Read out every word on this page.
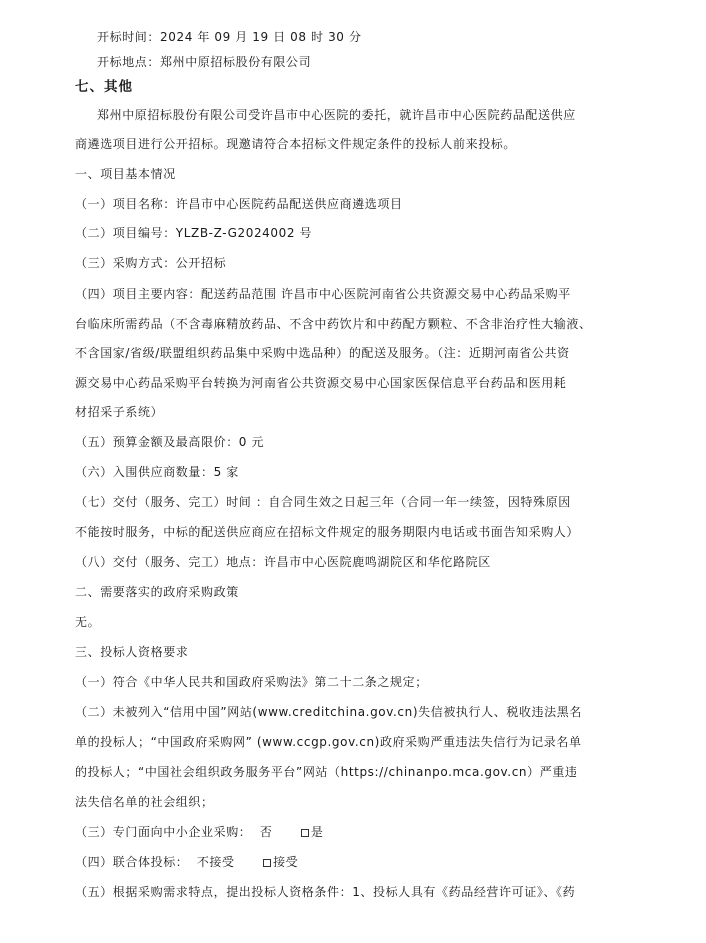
开标时间：2024 年 09 月 19 日 08 时 30 分
开标地点：郑州中原招标股份有限公司
七、其他
郑州中原招标股份有限公司受许昌市中心医院的委托，就许昌市中心医院药品配送供应
商遴选项目进行公开招标。现邀请符合本招标文件规定条件的投标人前来投标。
一、项目基本情况
（一）项目名称：许昌市中心医院药品配送供应商遴选项目
（二）项目编号：YLZB-Z-G2024002 号
（三）采购方式：公开招标
（四）项目主要内容：配送药品范围 许昌市中心医院河南省公共资源交易中心药品采购平
台临床所需药品（不含毒麻精放药品、不含中药饮片和中药配方颗粒、不含非治疗性大输液、
不含国家/省级/联盟组织药品集中采购中选品种）的配送及服务。（注：近期河南省公共资
源交易中心药品采购平台转换为河南省公共资源交易中心国家医保信息平台药品和医用耗
材招采子系统）
（五）预算金额及最高限价：0 元
（六）入围供应商数量：5 家
（七）交付（服务、完工）时间 ：自合同生效之日起三年（合同一年一续签，因特殊原因
不能按时服务，中标的配送供应商应在招标文件规定的服务期限内电话或书面告知采购人）
（八）交付（服务、完工）地点：许昌市中心医院鹿鸣湖院区和华佗路院区
二、需要落实的政府采购政策
无。
三、投标人资格要求
（一）符合《中华人民共和国政府采购法》第二十二条之规定；
（二）未被列入“信用中国”网站(www.creditchina.gov.cn)失信被执行人、税收违法黑名
单的投标人；“中国政府采购网” (www.ccgp.gov.cn)政府采购严重违法失信行为记录名单
的投标人；“中国社会组织政务服务平台”网站（https://chinanpo.mca.gov.cn）严重违
法失信名单的社会组织；
（三）专门面向中小企业采购： 否	是
（四）联合体投标： 不接受	接受
（五）根据采购需求特点，提出投标人资格条件：1、投标人具有《药品经营许可证》、《药
